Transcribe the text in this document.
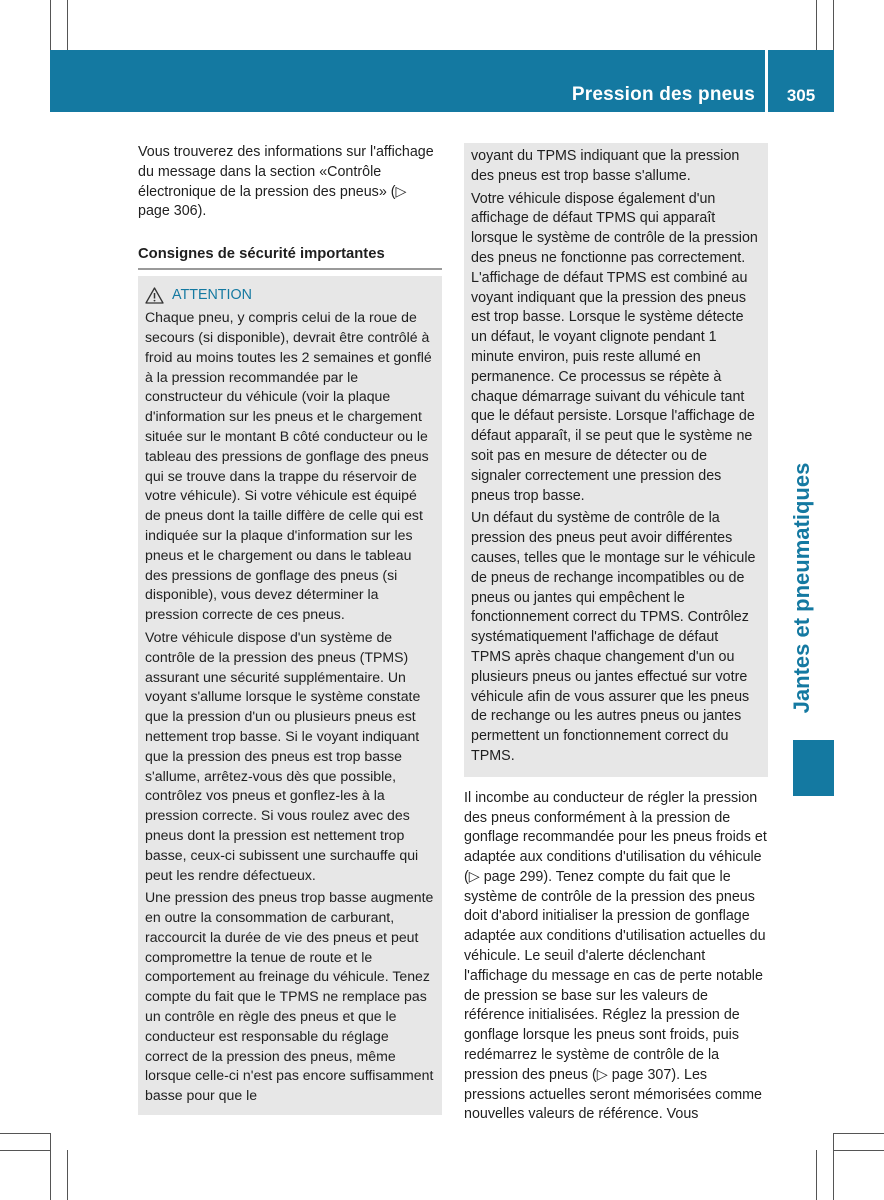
Pression des pneus	305
Jantes et pneumatiques

Vous trouverez des informations sur l'affichage du message dans la section «Contrôle électronique de la pression des pneus» (▷ page 306).

Consignes de sécurité importantes
ATTENTION

Chaque pneu, y compris celui de la roue de secours (si disponible), devrait être contrôlé à froid au moins toutes les 2 semaines et gonflé à la pression recommandée par le constructeur du véhicule (voir la plaque d'information sur les pneus et le chargement située sur le montant B côté conducteur ou le tableau des pressions de gonflage des pneus qui se trouve dans la trappe du réservoir de votre véhicule). Si votre véhicule est équipé de pneus dont la taille diffère de celle qui est indiquée sur la plaque d'information sur les pneus et le chargement ou dans le tableau des pressions de gonflage des pneus (si disponible), vous devez déterminer la pression correcte de ces pneus.

Votre véhicule dispose d'un système de contrôle de la pression des pneus (TPMS) assurant une sécurité supplémentaire. Un voyant s'allume lorsque le système constate que la pression d'un ou plusieurs pneus est nettement trop basse. Si le voyant indiquant que la pression des pneus est trop basse s'allume, arrêtez-vous dès que possible, contrôlez vos pneus et gonflez-les à la pression correcte. Si vous roulez avec des pneus dont la pression est nettement trop basse, ceux-ci subissent une surchauffe qui peut les rendre défectueux.

Une pression des pneus trop basse augmente en outre la consommation de carburant, raccourcit la durée de vie des pneus et peut compromettre la tenue de route et le comportement au freinage du véhicule. Tenez compte du fait que le TPMS ne remplace pas un contrôle en règle des pneus et que le conducteur est responsable du réglage correct de la pression des pneus, même lorsque celle-ci n'est pas encore suffisamment basse pour que le

voyant du TPMS indiquant que la pression des pneus est trop basse s'allume.

Votre véhicule dispose également d'un affichage de défaut TPMS qui apparaît lorsque le système de contrôle de la pression des pneus ne fonctionne pas correctement. L'affichage de défaut TPMS est combiné au voyant indiquant que la pression des pneus est trop basse. Lorsque le système détecte un défaut, le voyant clignote pendant 1 minute environ, puis reste allumé en permanence. Ce processus se répète à chaque démarrage suivant du véhicule tant que le défaut persiste. Lorsque l'affichage de défaut apparaît, il se peut que le système ne soit pas en mesure de détecter ou de signaler correctement une pression des pneus trop basse.

Un défaut du système de contrôle de la pression des pneus peut avoir différentes causes, telles que le montage sur le véhicule de pneus de rechange incompatibles ou de pneus ou jantes qui empêchent le fonctionnement correct du TPMS. Contrôlez systématiquement l'affichage de défaut TPMS après chaque changement d'un ou plusieurs pneus ou jantes effectué sur votre véhicule afin de vous assurer que les pneus de rechange ou les autres pneus ou jantes permettent un fonctionnement correct du TPMS.

Il incombe au conducteur de régler la pression des pneus conformément à la pression de gonflage recommandée pour les pneus froids et adaptée aux conditions d'utilisation du véhicule (▷ page 299). Tenez compte du fait que le système de contrôle de la pression des pneus doit d'abord initialiser la pression de gonflage adaptée aux conditions d'utilisation actuelles du véhicule. Le seuil d'alerte déclenchant l'affichage du message en cas de perte notable de pression se base sur les valeurs de référence initialisées. Réglez la pression de gonflage lorsque les pneus sont froids, puis redémarrez le système de contrôle de la pression des pneus (▷ page 307). Les pressions actuelles seront mémorisées comme nouvelles valeurs de référence. Vous
